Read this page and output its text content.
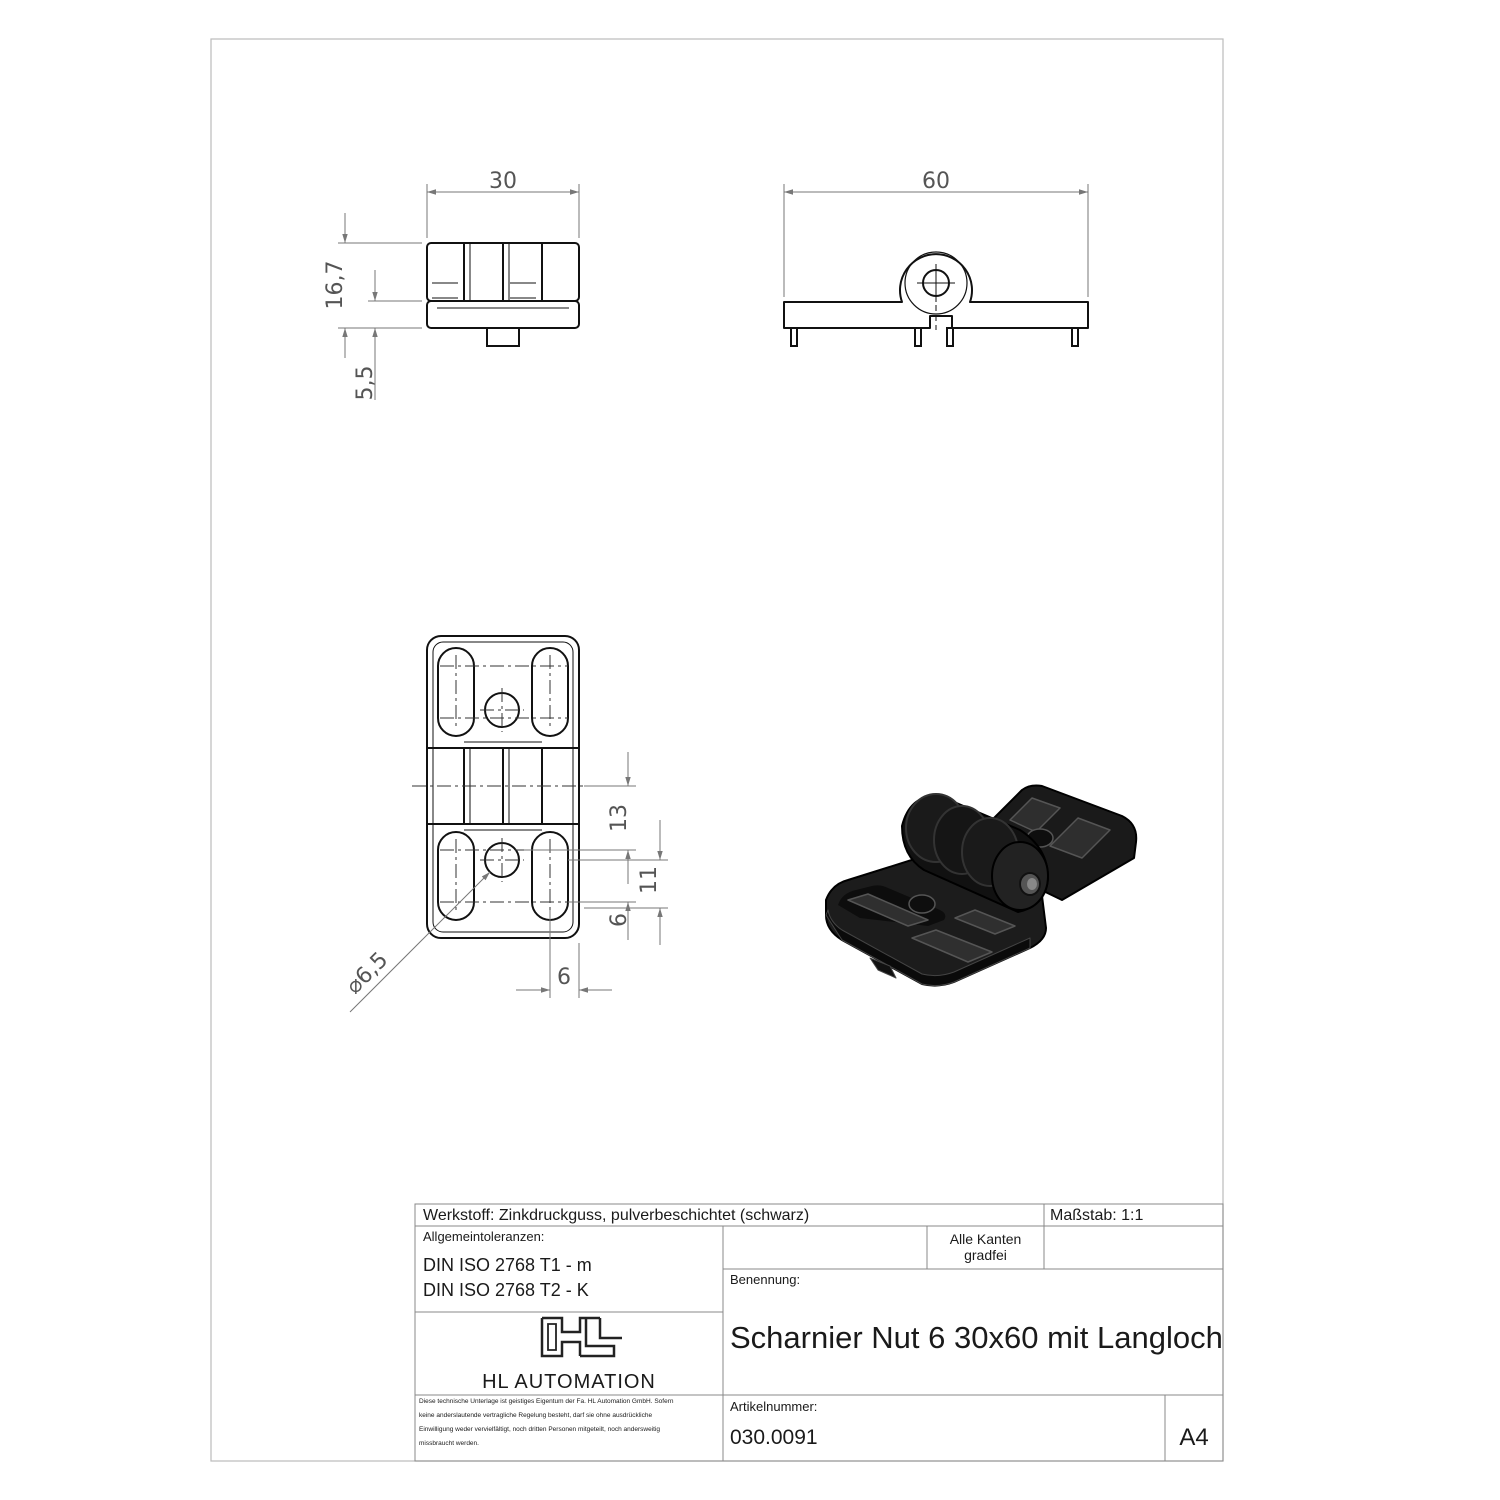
30
16,7
5,5
60
13
11
6
6
⌀6,5
Werkstoff: Zinkdruckguss, pulverbeschichtet (schwarz)	Maßstab: 1:1
Allgemeintoleranzen:
DIN ISO 2768 T1 - m
DIN ISO 2768 T2 - K
Alle Kanten
gradfei
Benennung:
Scharnier Nut 6 30x60 mit Langloch
HL AUTOMATION
Diese technische Unterlage ist geistiges Eigentum der Fa. HL Automation GmbH. Sofern
keine anderslautende vertragliche Regelung besteht, darf sie ohne ausdrückliche
Einwilligung weder vervielfältigt, noch dritten Personen mitgeteilt, noch andersweitig
missbraucht werden.
Artikelnummer:
030.0091	A4
